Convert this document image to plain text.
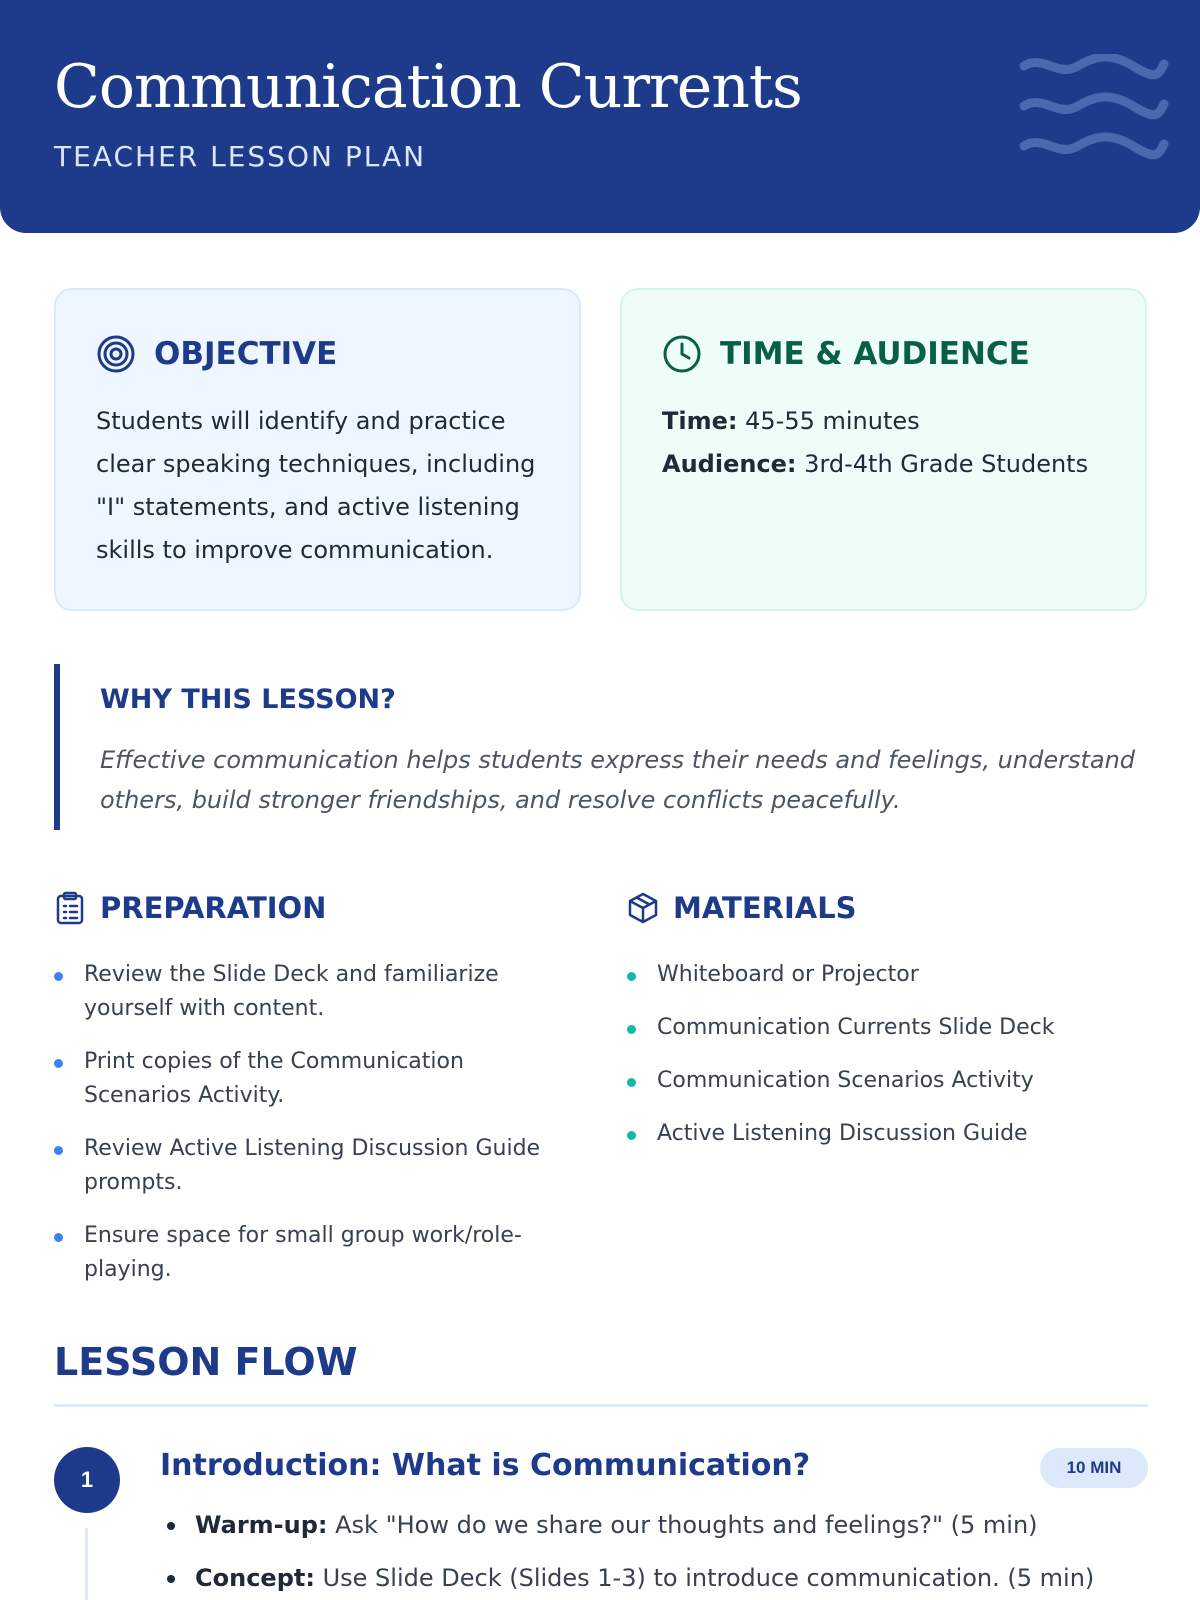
Communication Currents
TEACHER LESSON PLAN
OBJECTIVE
Students will identify and practice clear speaking techniques, including "I" statements, and active listening skills to improve communication.
TIME & AUDIENCE
Time: 45-55 minutes
Audience: 3rd-4th Grade Students
WHY THIS LESSON?
Effective communication helps students express their needs and feelings, understand others, build stronger friendships, and resolve conflicts peacefully.
PREPARATION
Review the Slide Deck and familiarize yourself with content.
Print copies of the Communication Scenarios Activity.
Review Active Listening Discussion Guide prompts.
Ensure space for small group work/role-playing.
MATERIALS
Whiteboard or Projector
Communication Currents Slide Deck
Communication Scenarios Activity
Active Listening Discussion Guide
LESSON FLOW
1	Introduction: What is Communication?	10 MIN
Warm-up: Ask "How do we share our thoughts and feelings?" (5 min)
Concept: Use Slide Deck (Slides 1-3) to introduce communication. (5 min)
